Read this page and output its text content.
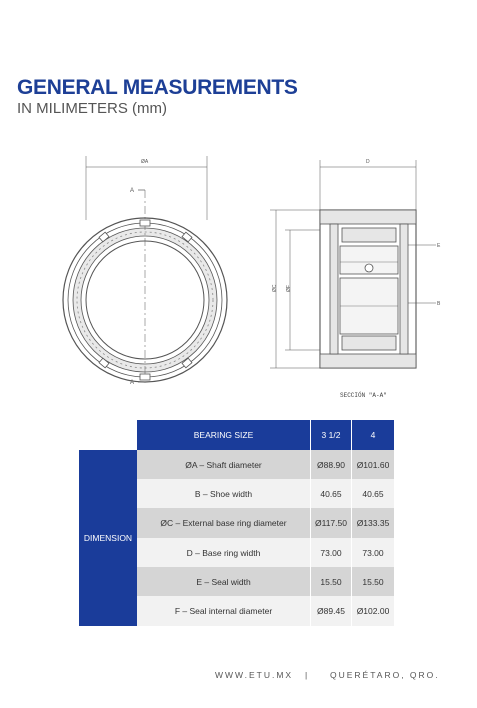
GENERAL MEASUREMENTS
IN MILIMETERS (mm)
ØA
A
A
D
ØC ØF
E
B
SECCIÓN "A-A"
BEARING SIZE	3 1/2	4
DIMENSION
ØA – Shaft diameter	Ø88.90	Ø101.60
B – Shoe width	40.65	40.65
ØC – External base ring diameter	Ø117.50	Ø133.35
D – Base ring width	73.00	73.00
E – Seal width	15.50	15.50
F – Seal internal diameter	Ø89.45	Ø102.00
WWW.ETU.MX | QUERÉTARO, QRO.
